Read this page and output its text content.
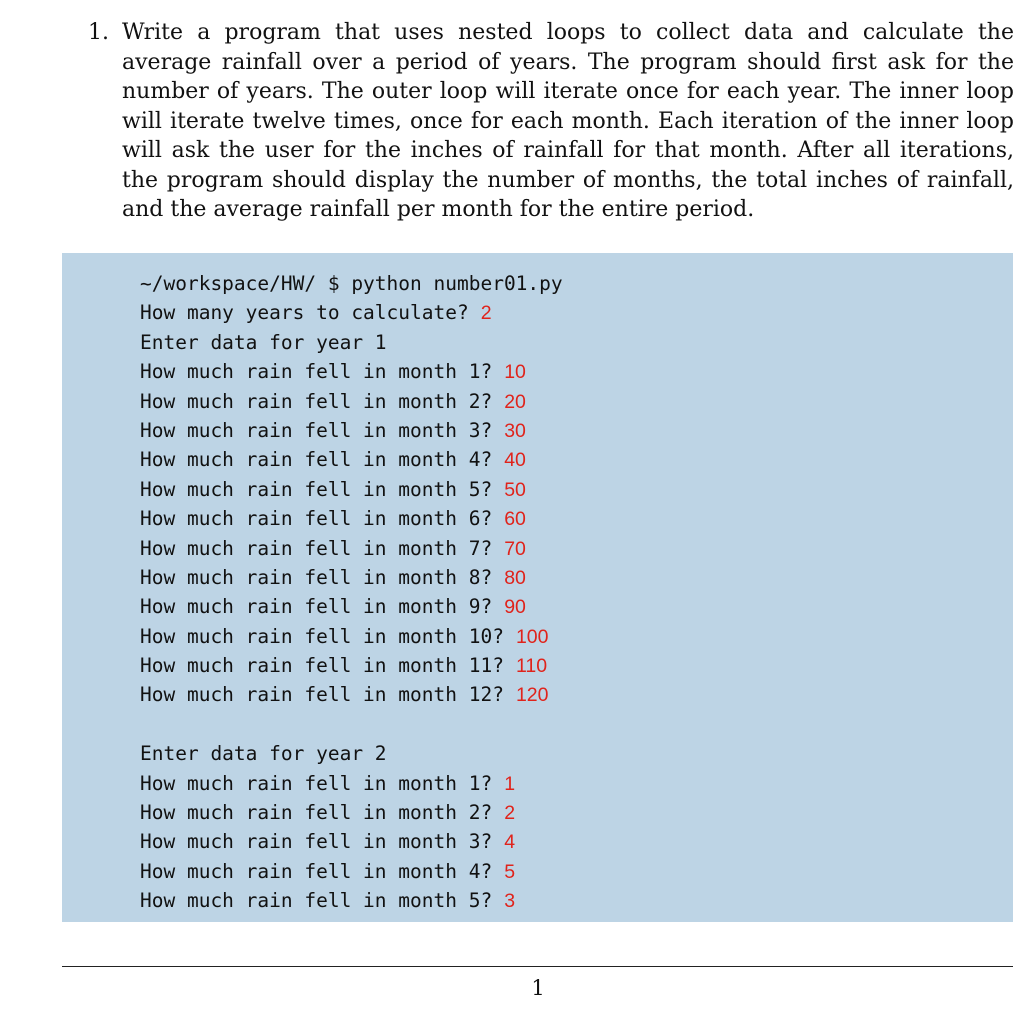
1. Write a program that uses nested loops to collect data and calculate the average rainfall over a period of years. The program should first ask for the number of years. The outer loop will iterate once for each year. The inner loop will iterate twelve times, once for each month. Each iteration of the inner loop will ask the user for the inches of rainfall for that month. After all iterations, the program should display the number of months, the total inches of rainfall, and the average rainfall per month for the entire period.
~/workspace/HW/ $ python number01.py
How many years to calculate? 2
Enter data for year 1
How much rain fell in month 1? 10
How much rain fell in month 2? 20
How much rain fell in month 3? 30
How much rain fell in month 4? 40
How much rain fell in month 5? 50
How much rain fell in month 6? 60
How much rain fell in month 7? 70
How much rain fell in month 8? 80
How much rain fell in month 9? 90
How much rain fell in month 10? 100
How much rain fell in month 11? 110
How much rain fell in month 12? 120
Enter data for year 2
How much rain fell in month 1? 1
How much rain fell in month 2? 2
How much rain fell in month 3? 4
How much rain fell in month 4? 5
How much rain fell in month 5? 3
1
